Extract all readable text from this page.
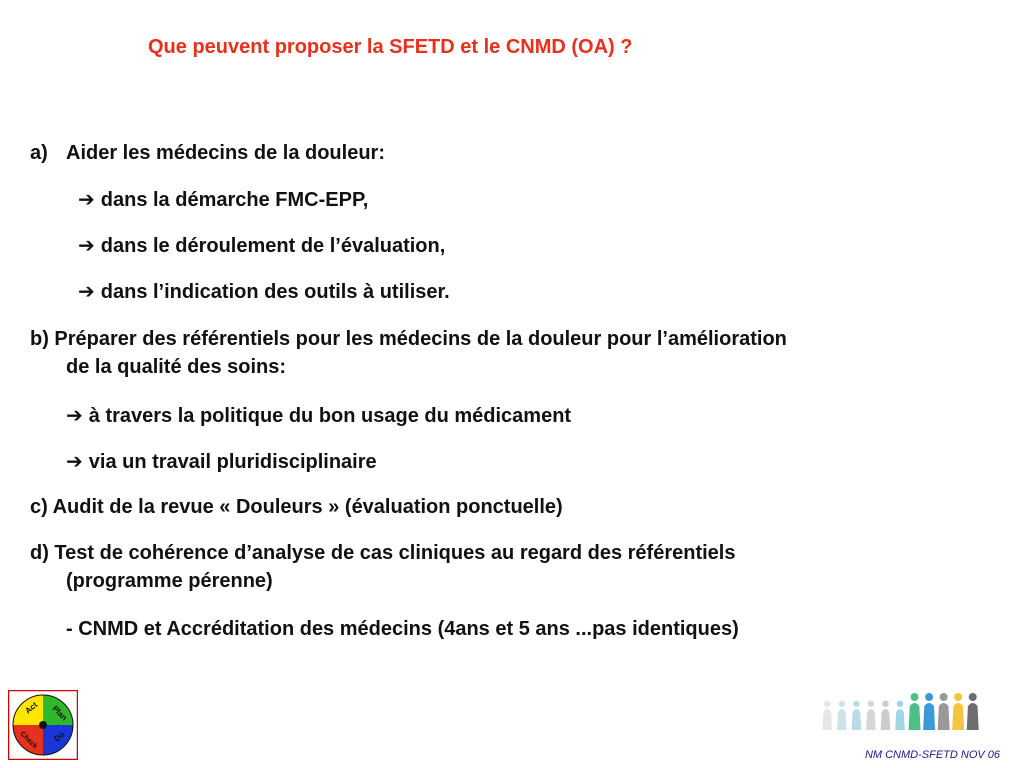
Que peuvent proposer la SFETD et le CNMD (OA) ?
a) Aider les médecins de la douleur:
➔ dans la démarche FMC-EPP,
➔ dans le déroulement de l’évaluation,
➔ dans l’indication des outils à utiliser.
b) Préparer des référentiels pour les médecins de la douleur pour l’amélioration
de la qualité des soins:
➔ à travers la politique du bon usage du médicament
➔ via un travail pluridisciplinaire
c) Audit de la revue « Douleurs » (évaluation ponctuelle)
d) Test de cohérence d’analyse de cas cliniques au regard des référentiels
(programme pérenne)
- CNMD et Accréditation des médecins (4ans et 5 ans ...pas identiques)
Act Plan
Check Do
NM CNMD-SFETD NOV 06
